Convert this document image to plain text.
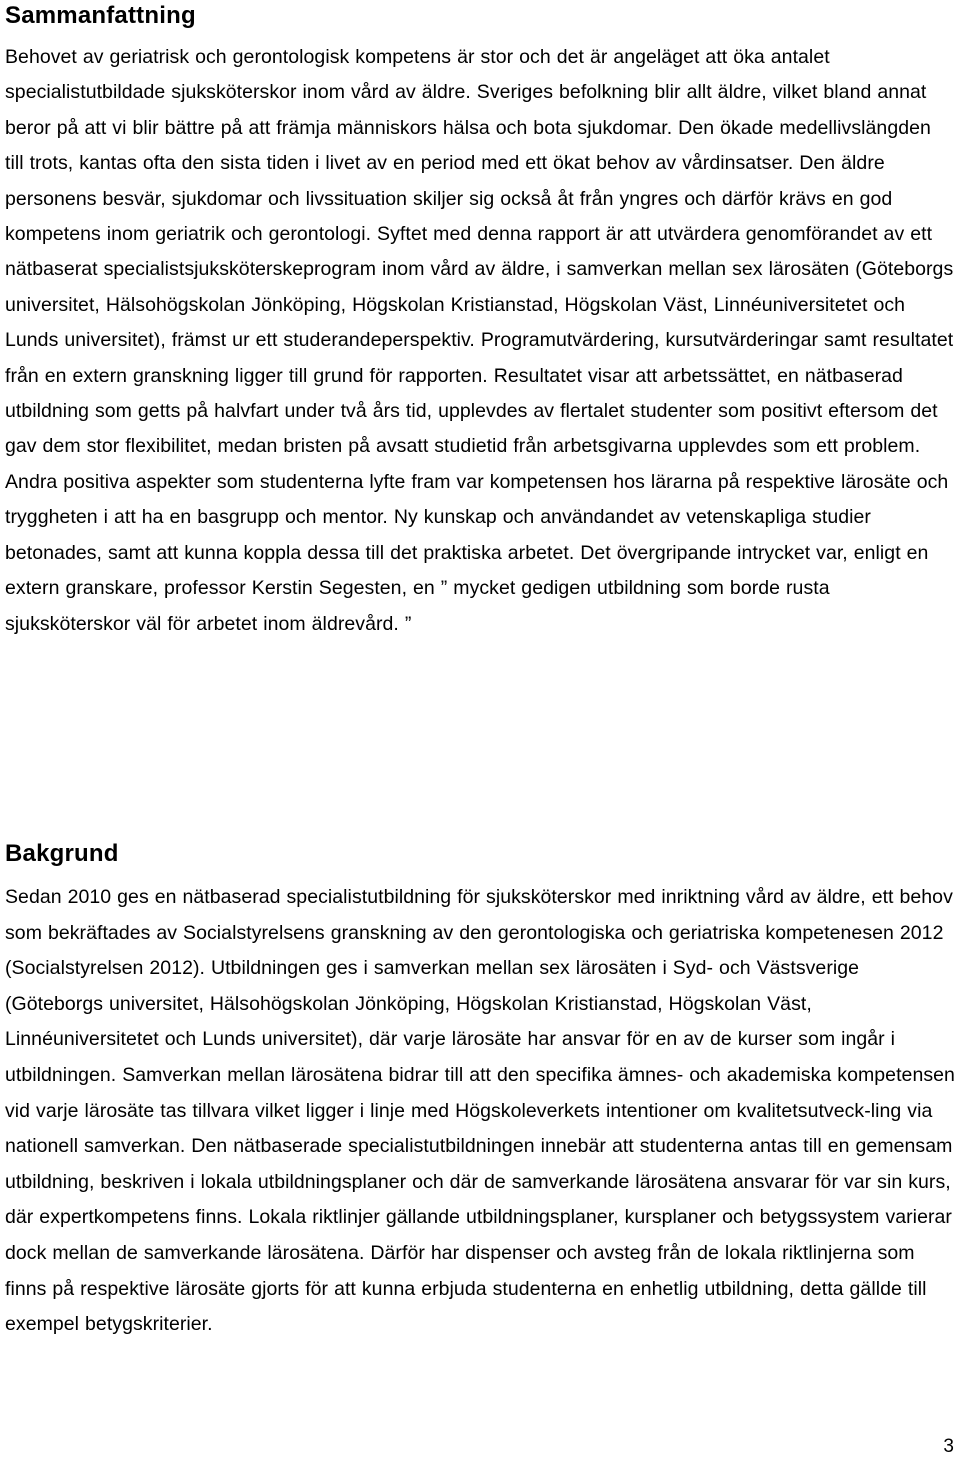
Sammanfattning

Behovet av geriatrisk och gerontologisk kompetens är stor och det är angeläget att öka antalet specialistutbildade sjuksköterskor inom vård av äldre. Sveriges befolkning blir allt äldre, vilket bland annat beror på att vi blir bättre på att främja människors hälsa och bota sjukdomar. Den ökade medellivslängden till trots, kantas ofta den sista tiden i livet av en period med ett ökat behov av vårdinsatser. Den äldre personens besvär, sjukdomar och livssituation skiljer sig också åt från yngres och därför krävs en god kompetens inom geriatrik och gerontologi. Syftet med denna rapport är att utvärdera genomförandet av ett nätbaserat specialistsjuksköterskeprogram inom vård av äldre, i samverkan mellan sex lärosäten (Göteborgs universitet, Hälsohögskolan Jönköping, Högskolan Kristianstad, Högskolan Väst, Linnéuniversitetet och Lunds universitet), främst ur ett studerandeperspektiv. Programutvärdering, kursutvärderingar samt resultatet från en extern granskning ligger till grund för rapporten. Resultatet visar att arbetssättet, en nätbaserad utbildning som getts på halvfart under två års tid, upplevdes av flertalet studenter som positivt eftersom det gav dem stor flexibilitet, medan bristen på avsatt studietid från arbetsgivarna upplevdes som ett problem. Andra positiva aspekter som studenterna lyfte fram var kompetensen hos lärarna på respektive lärosäte och tryggheten i att ha en basgrupp och mentor. Ny kunskap och användandet av vetenskapliga studier betonades, samt att kunna koppla dessa till det praktiska arbetet. Det övergripande intrycket var, enligt en extern granskare, professor Kerstin Segesten, en ” mycket gedigen utbildning som borde rusta sjuksköterskor väl för arbetet inom äldrevård. ”

Bakgrund

Sedan 2010 ges en nätbaserad specialistutbildning för sjuksköterskor med inriktning vård av äldre, ett behov som bekräftades av Socialstyrelsens granskning av den gerontologiska och geriatriska kompetenesen 2012 (Socialstyrelsen 2012). Utbildningen ges i samverkan mellan sex lärosäten i Syd- och Västsverige (Göteborgs universitet, Hälsohögskolan Jönköping, Högskolan Kristianstad, Högskolan Väst, Linnéuniversitetet och Lunds universitet), där varje lärosäte har ansvar för en av de kurser som ingår i utbildningen. Samverkan mellan lärosätena bidrar till att den specifika ämnes- och akademiska kompetensen vid varje lärosäte tas tillvara vilket ligger i linje med Högskoleverkets intentioner om kvalitetsutveck-ling via nationell samverkan. Den nätbaserade specialistutbildningen innebär att studenterna antas till en gemensam utbildning, beskriven i lokala utbildningsplaner och där de samverkande lärosätena ansvarar för var sin kurs, där expertkompetens finns. Lokala riktlinjer gällande utbildningsplaner, kursplaner och betygssystem varierar dock mellan de samverkande lärosätena. Därför har dispenser och avsteg från de lokala riktlinjerna som finns på respektive lärosäte gjorts för att kunna erbjuda studenterna en enhetlig utbildning, detta gällde till exempel betygskriterier.

3
